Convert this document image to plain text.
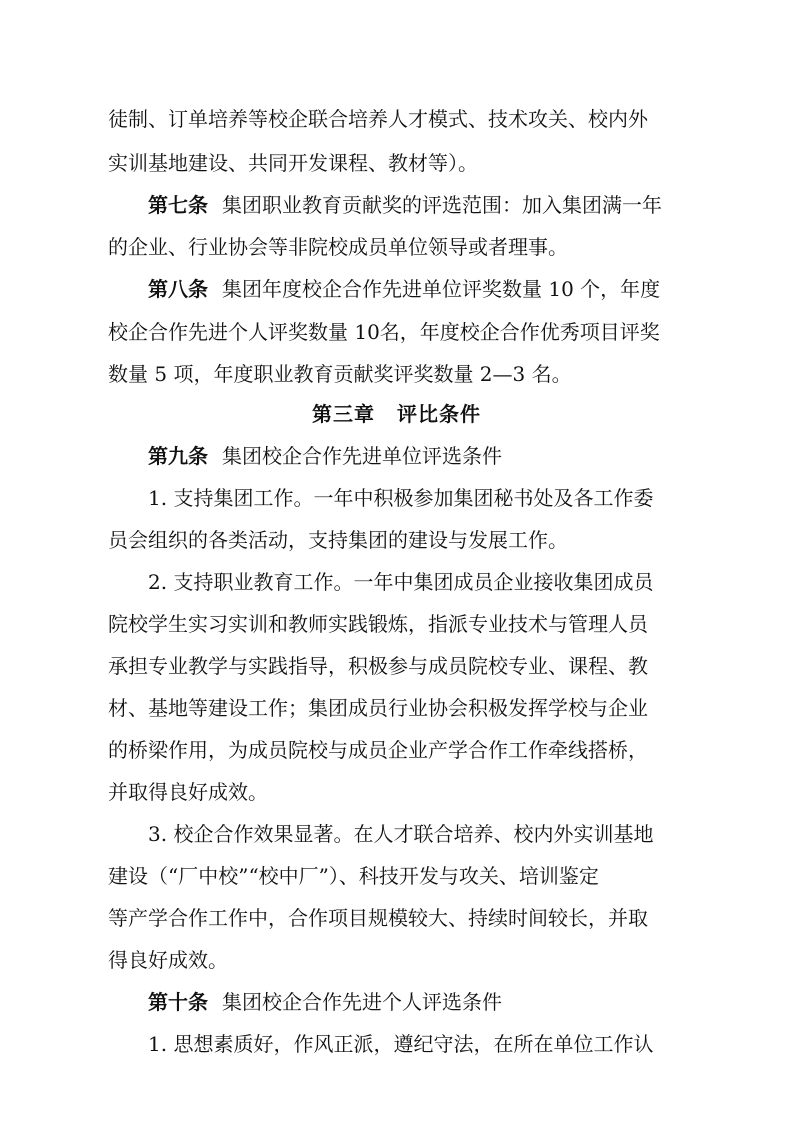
徒制、订单培养等校企联合培养人才模式、技术攻关、校内外
实训基地建设、共同开发课程、教材等）。
第七条 集团职业教育贡献奖的评选范围：加入集团满一年
的企业、行业协会等非院校成员单位领导或者理事。
第八条 集团年度校企合作先进单位评奖数量 10 个，年度
校企合作先进个人评奖数量 10名，年度校企合作优秀项目评奖
数量 5 项，年度职业教育贡献奖评奖数量 2—3 名。
第三章 评比条件
第九条 集团校企合作先进单位评选条件
1. 支持集团工作。一年中积极参加集团秘书处及各工作委
员会组织的各类活动，支持集团的建设与发展工作。
2. 支持职业教育工作。一年中集团成员企业接收集团成员
院校学生实习实训和教师实践锻炼，指派专业技术与管理人员
承担专业教学与实践指导，积极参与成员院校专业、课程、教
材、基地等建设工作；集团成员行业协会积极发挥学校与企业
的桥梁作用，为成员院校与成员企业产学合作工作牵线搭桥，
并取得良好成效。
3. 校企合作效果显著。在人才联合培养、校内外实训基地
建设（“厂中校”“校中厂”）、科技开发与攻关、培训鉴定
等产学合作工作中，合作项目规模较大、持续时间较长，并取
得良好成效。
第十条 集团校企合作先进个人评选条件
1. 思想素质好，作风正派，遵纪守法，在所在单位工作认
